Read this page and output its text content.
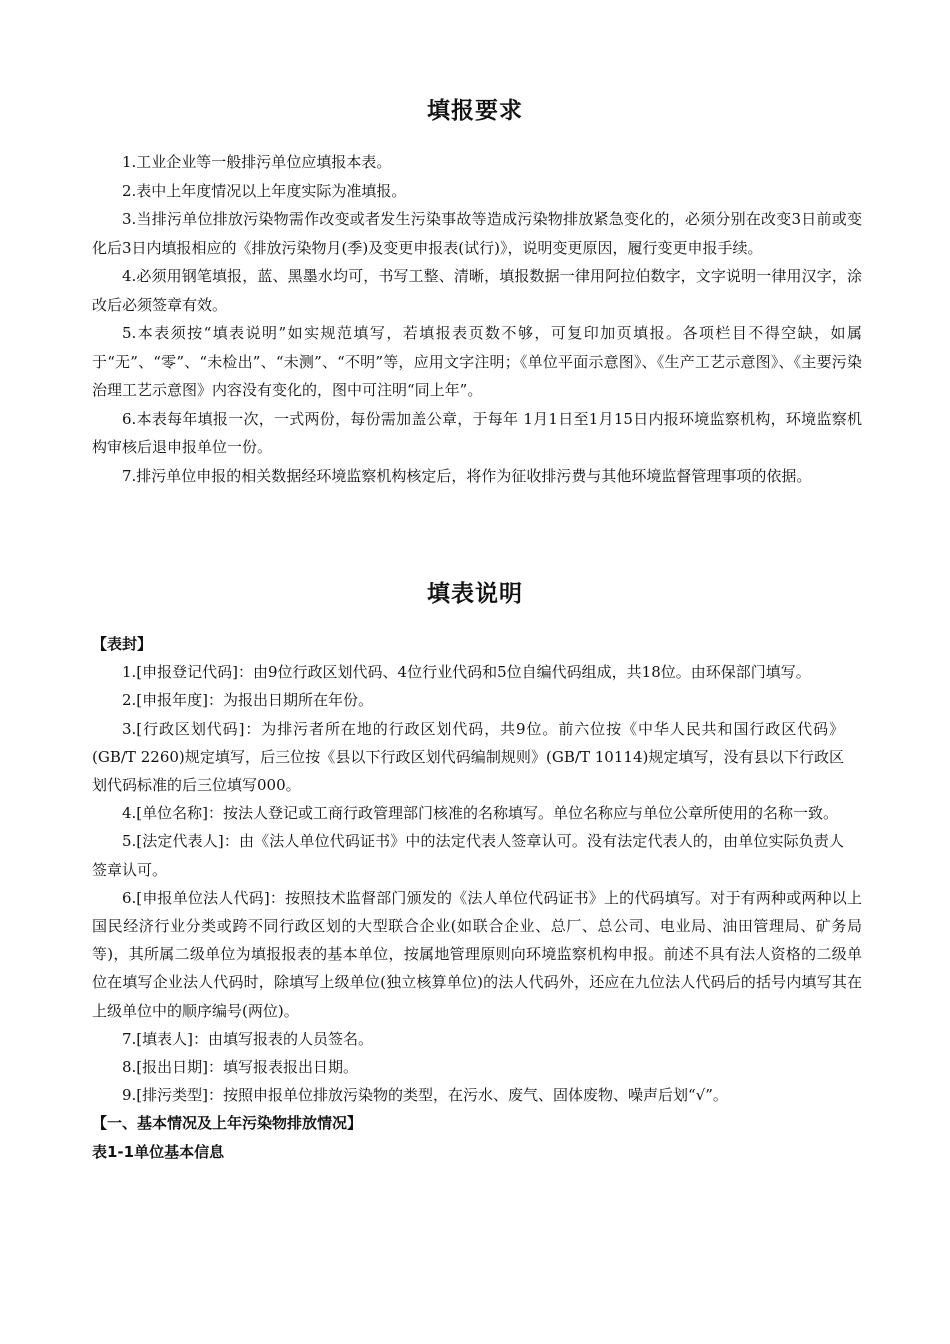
填报要求

1.工业企业等一般排污单位应填报本表。

2.表中上年度情况以上年度实际为准填报。

3.当排污单位排放污染物需作改变或者发生污染事故等造成污染物排放紧急变化的，必须分别在改变3日前或变化后3日内填报相应的《排放污染物月(季)及变更申报表(试行)》，说明变更原因，履行变更申报手续。

4.必须用钢笔填报，蓝、黑墨水均可，书写工整、清晰，填报数据一律用阿拉伯数字，文字说明一律用汉字，涂改后必须签章有效。

5.本表须按“填表说明”如实规范填写，若填报表页数不够，可复印加页填报。各项栏目不得空缺，如属于“无”、“零”、“未检出”、“未测”、“不明”等，应用文字注明；《单位平面示意图》、《生产工艺示意图》、《主要污染治理工艺示意图》内容没有变化的，图中可注明“同上年”。

6.本表每年填报一次，一式两份，每份需加盖公章，于每年 1月1日至1月15日内报环境监察机构，环境监察机构审核后退申报单位一份。

7.排污单位申报的相关数据经环境监察机构核定后，将作为征收排污费与其他环境监督管理事项的依据。

填表说明

【表封】

1.[申报登记代码]：由9位行政区划代码、4位行业代码和5位自编代码组成，共18位。由环保部门填写。

2.[申报年度]：为报出日期所在年份。

3.[行政区划代码]：为排污者所在地的行政区划代码，共9位。前六位按《中华人民共和国行政区代码》(GB/T 2260)规定填写，后三位按《县以下行政区划代码编制规则》(GB/T 10114)规定填写，没有县以下行政区划代码标准的后三位填写000。

4.[单位名称]：按法人登记或工商行政管理部门核准的名称填写。单位名称应与单位公章所使用的名称一致。

5.[法定代表人]：由《法人单位代码证书》中的法定代表人签章认可。没有法定代表人的，由单位实际负责人签章认可。

6.[申报单位法人代码]：按照技术监督部门颁发的《法人单位代码证书》上的代码填写。对于有两种或两种以上国民经济行业分类或跨不同行政区划的大型联合企业(如联合企业、总厂、总公司、电业局、油田管理局、矿务局等)，其所属二级单位为填报报表的基本单位，按属地管理原则向环境监察机构申报。前述不具有法人资格的二级单位在填写企业法人代码时，除填写上级单位(独立核算单位)的法人代码外，还应在九位法人代码后的括号内填写其在上级单位中的顺序编号(两位)。

7.[填表人]：由填写报表的人员签名。

8.[报出日期]：填写报表报出日期。

9.[排污类型]：按照申报单位排放污染物的类型，在污水、废气、固体废物、噪声后划“√”。

【一、基本情况及上年污染物排放情况】

表1-1单位基本信息
